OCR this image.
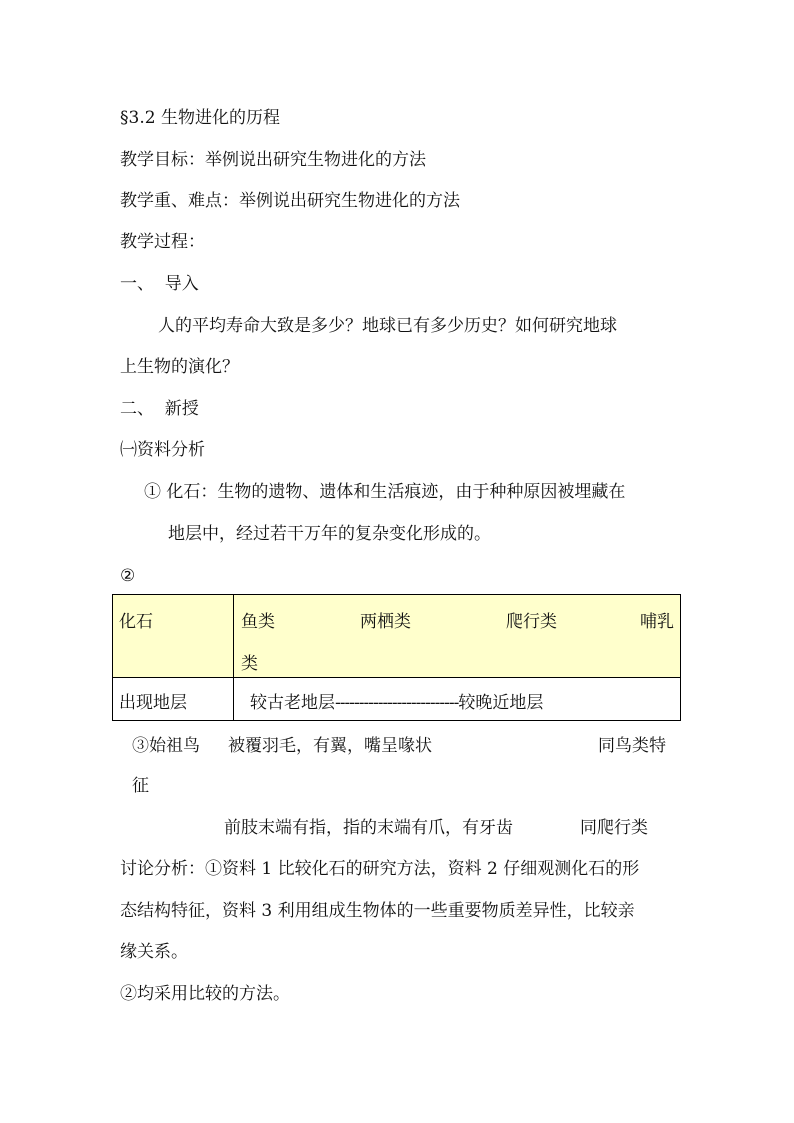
§3.2 生物进化的历程
教学目标：举例说出研究生物进化的方法
教学重、难点：举例说出研究生物进化的方法
教学过程：
一、  导入
人的平均寿命大致是多少？地球已有多少历史？如何研究地球
上生物的演化？
二、  新授
㈠资料分析
① 化石：生物的遗物、遗体和生活痕迹，由于种种原因被埋藏在
地层中，经过若干万年的复杂变化形成的。
②
化石	鱼类 两栖类 爬行类 哺乳
类

出现地层	较古老地层--------------------------较晚近地层
③始祖鸟 被覆羽毛，有翼，嘴呈喙状	同鸟类特
征
前肢末端有指，指的末端有爪，有牙齿	同爬行类
讨论分析：①资料 1 比较化石的研究方法，资料 2 仔细观测化石的形
态结构特征，资料 3 利用组成生物体的一些重要物质差异性，比较亲
缘关系。
②均采用比较的方法。
